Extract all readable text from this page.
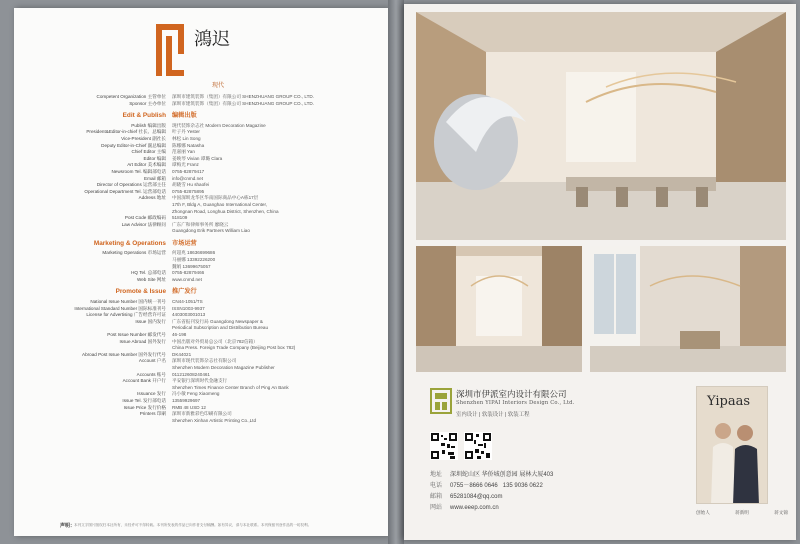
鴻迟
现代
Competent Organization 主管单位	深圳市建筑装饰（集团）有限公司 SHENZHUANG GROUP CO., LTD.
Sponsor 主办单位	深圳市建筑装饰（集团）有限公司 SHENZHUANG GROUP CO., LTD.
Edit & Publish 编辑出版
Publish 编辑出版	现代装饰杂志社 Modern Decoration Magazine
President&Editor-in-chief 社长、总编辑	叶子丹 Yester
Vice-President 副社长	林松 Lin Song
Deputy Editor-in-Chief 副总编辑	陈娜娜 Natasha
Chief Editor 主编	范嘉丽 Yan
Editor 编辑	姜映琴 Vivian 谭璐 Clara
Art Editor 美术编辑	谭梅光 Franz
Newsroom Tel. 编辑部电话	0755-82879417
Email 邮箱	info@cnmd.net
Director of Operations 运营部主任	胡晓雪 Hu shaofei
Operational Department Tel. 运营部电话	0755-82875895
Address 地址	中国深圳龙华区华南国际商品中心A栋17层
17th F, Bldg A, Guanghao International Center,
Zhongnan Road, Longhua District, Shenzhen, China
Post Code 邮政编码	518109
Law Advisor 法律顾问	广东广和律师事务所 廖晓云
Guangdong Erik Partners William Liao
Marketing & Operations 市场运营
Marketing Operations 市场运营	何超兆 18636699686
马丽娜 13392226200
魏娟 13699675057
HQ Tel. 总部电话	0755-82879466
Web Site 网址	www.cnmd.net
Promote & Issue 推广发行
National Issue Number 国内统一刊号	CN44-1051/TS
International Standard Number 国际标准刊号	ISSN1003-9937
License for Advertising 广告经营许可证	4403003001013
Issue 国内发行	广东省报刊发行局 Guangdong Newspaper &
Periodical Subscription and Distribution Bureau
Post Issue Number 邮发代号	46-198
Issue Abroad 国外发行	中国出版对外贸易总公司（北京782信箱）
China Press. Foreign Trade Company (Beijing Post box 782)
Abroad Post Issue Number 国外发行代号	DK44021
Account 户名	深圳市现代装饰杂志社有限公司
Shenzhen Modern Decoration Magazine Publisher
Accounts 账号	011212608240461
Account Bank 开户行	平安银行深圳时代金融支行
Shenzhen Times Finance Center Branch of Ping An Bank
Issuance 发行	冯小敏 Feng Xiaomeng
Issue Tel. 发行部电话	13559929697
Issue Price 发行价格	RMB 48 USD 12
Printers 印刷	深圳市新雅彩色印刷有限公司
Shenzhen Xinhan Artistic Printing Co.,Ltd
声明：
本刊文字图片版权归本社所有，未经许可不得转载。本刊所发表的作品已向作者支付稿酬。如有异议，请与本社联系。本刊保留刊登作品的一切权利。
深圳市伊派室内设计有限公司
Shenzhen YIPAI Interiors Design Co., Ltd.
室内设计 | 软装设计 | 软装工程
地址 深圳蛇山区 华侨城创意园 展林大厦403
电话 0755－8666 0646 135 9036 0622
邮箱 65281084@qq.com
网站 www.eeep.com.cn
Yipaas
创始人	蒋新明	蒋文锦
